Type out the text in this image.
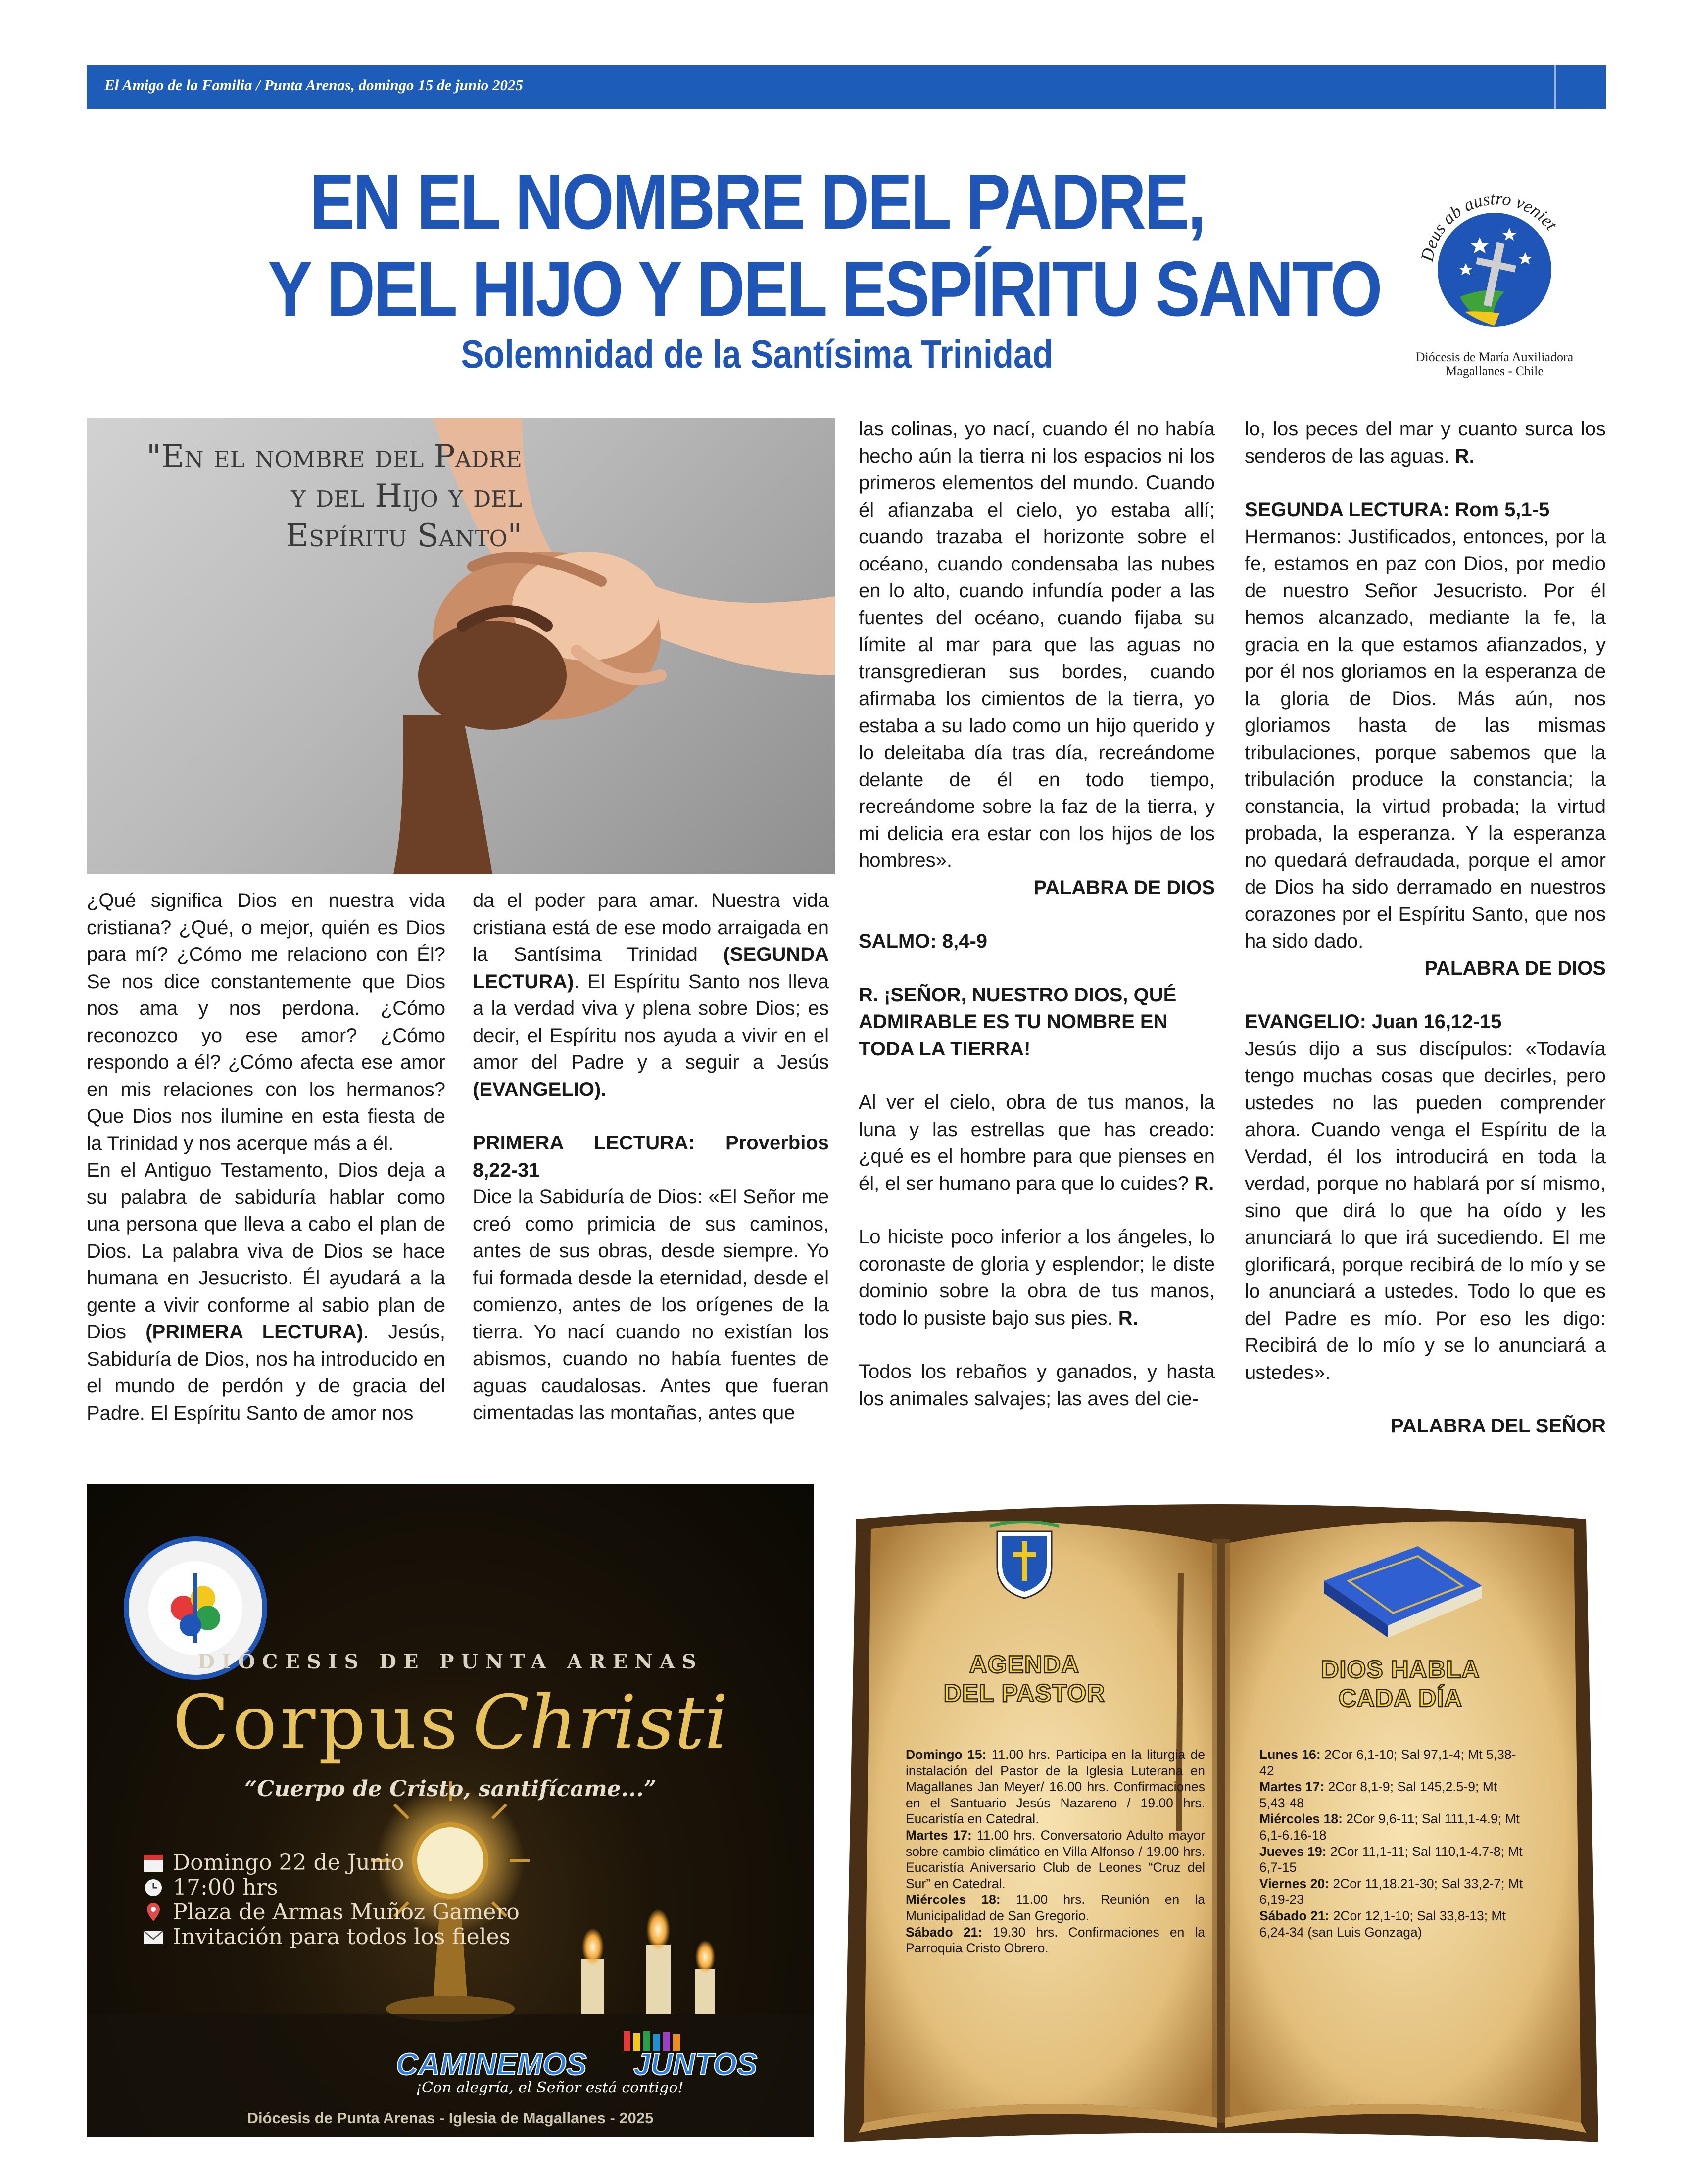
El Amigo de la Familia / Punta Arenas, domingo 15 de junio 2025
EN EL NOMBRE DEL PADRE,
Y DEL HIJO Y DEL ESPÍRITU SANTO
Solemnidad de la Santísima Trinidad
Deus ab austro veniet
Diócesis de María Auxiliadora
Magallanes - Chile
"En el nombre del Padre
y del Hijo y del
Espíritu Santo"

¿Qué significa Dios en nuestra vida cristiana? ¿Qué, o mejor, quién es Dios para mí? ¿Cómo me relaciono con Él? Se nos dice constantemente que Dios nos ama y nos perdona. ¿Cómo reconozco yo ese amor? ¿Cómo respondo a él? ¿Cómo afecta ese amor en mis relaciones con los hermanos? Que Dios nos ilumine en esta fiesta de la Trinidad y nos acerque más a él.

En el Antiguo Testamento, Dios deja a su palabra de sabiduría hablar como una persona que lleva a cabo el plan de Dios. La palabra viva de Dios se hace humana en Jesucristo. Él ayudará a la gente a vivir conforme al sabio plan de Dios (PRIMERA LECTURA). Jesús, Sabiduría de Dios, nos ha introducido en el mundo de perdón y de gracia del Padre. El Espíritu Santo de amor nos

da el poder para amar. Nuestra vida cristiana está de ese modo arraigada en la Santísima Trinidad (SEGUNDA LECTURA). El Espíritu Santo nos lleva a la verdad viva y plena sobre Dios; es decir, el Espíritu nos ayuda a vivir en el amor del Padre y a seguir a Jesús (EVANGELIO).

PRIMERA LECTURA: Proverbios 8,22-31

Dice la Sabiduría de Dios: «El Señor me creó como primicia de sus caminos, antes de sus obras, desde siempre. Yo fui formada desde la eternidad, desde el comienzo, antes de los orígenes de la tierra. Yo nací cuando no existían los abismos, cuando no había fuentes de aguas caudalosas. Antes que fueran cimentadas las montañas, antes que

las colinas, yo nací, cuando él no había hecho aún la tierra ni los espacios ni los primeros elementos del mundo. Cuando él afianzaba el cielo, yo estaba allí; cuando trazaba el horizonte sobre el océano, cuando condensaba las nubes en lo alto, cuando infundía poder a las fuentes del océano, cuando fijaba su límite al mar para que las aguas no transgredieran sus bordes, cuando afirmaba los cimientos de la tierra, yo estaba a su lado como un hijo querido y lo deleitaba día tras día, recreándome delante de él en todo tiempo, recreándome sobre la faz de la tierra, y mi delicia era estar con los hijos de los hombres».

PALABRA DE DIOS

SALMO: 8,4-9

R. ¡SEÑOR, NUESTRO DIOS, QUÉ ADMIRABLE ES TU NOMBRE EN TODA LA TIERRA!

Al ver el cielo, obra de tus manos, la luna y las estrellas que has creado: ¿qué es el hombre para que pienses en él, el ser humano para que lo cuides? R.

Lo hiciste poco inferior a los ángeles, lo coronaste de gloria y esplendor; le diste dominio sobre la obra de tus manos, todo lo pusiste bajo sus pies. R.

Todos los rebaños y ganados, y hasta los animales salvajes; las aves del cie-

lo, los peces del mar y cuanto surca los senderos de las aguas. R.

SEGUNDA LECTURA: Rom 5,1-5

Hermanos: Justificados, entonces, por la fe, estamos en paz con Dios, por medio de nuestro Señor Jesucristo. Por él hemos alcanzado, mediante la fe, la gracia en la que estamos afianzados, y por él nos gloriamos en la esperanza de la gloria de Dios. Más aún, nos gloriamos hasta de las mismas tribulaciones, porque sabemos que la tribulación produce la constancia; la constancia, la virtud probada; la virtud probada, la esperanza. Y la esperanza no quedará defraudada, porque el amor de Dios ha sido derramado en nuestros corazones por el Espíritu Santo, que nos ha sido dado.

PALABRA DE DIOS

EVANGELIO: Juan 16,12-15

Jesús dijo a sus discípulos: «Todavía tengo muchas cosas que decirles, pero ustedes no las pueden comprender ahora. Cuando venga el Espíritu de la Verdad, él los introducirá en toda la verdad, porque no hablará por sí mismo, sino que dirá lo que ha oído y les anunciará lo que irá sucediendo. El me glorificará, porque recibirá de lo mío y se lo anunciará a ustedes. Todo lo que es del Padre es mío. Por eso les digo: Recibirá de lo mío y se lo anunciará a ustedes».

PALABRA DEL SEÑOR

DIÓCESIS DE PUNTA ARENAS
Corpus Christi
“Cuerpo de Cristo, santifícame...”
Domingo 22 de Junio
17:00 hrs
Plaza de Armas Muñoz Gamero
Invitación para todos los fieles
CAMINEMOS JUNTOS
¡Con alegría, el Señor está contigo!
Diócesis de Punta Arenas - Iglesia de Magallanes - 2025
AGENDA
DEL PASTOR
DIOS HABLA
CADA DÍA

Domingo 15: 11.00 hrs. Participa en la liturgia de instalación del Pastor de la Iglesia Luterana en Magallanes Jan Meyer/ 16.00 hrs. Confirmaciones en el Santuario Jesús Nazareno / 19.00 hrs. Eucaristía en Catedral.

Martes 17: 11.00 hrs. Conversatorio Adulto mayor sobre cambio climático en Villa Alfonso / 19.00 hrs. Eucaristía Aniversario Club de Leones “Cruz del Sur” en Catedral.

Miércoles 18: 11.00 hrs. Reunión en la Municipalidad de San Gregorio.

Sábado 21: 19.30 hrs. Confirmaciones en la Parroquia Cristo Obrero.

Lunes 16: 2Cor 6,1-10; Sal 97,1-4; Mt 5,38-42

Martes 17: 2Cor 8,1-9; Sal 145,2.5-9; Mt 5,43-48

Miércoles 18: 2Cor 9,6-11; Sal 111,1-4.9; Mt 6,1-6.16-18

Jueves 19: 2Cor 11,1-11; Sal 110,1-4.7-8; Mt 6,7-15

Viernes 20: 2Cor 11,18.21-30; Sal 33,2-7; Mt 6,19-23

Sábado 21: 2Cor 12,1-10; Sal 33,8-13; Mt 6,24-34 (san Luis Gonzaga)
